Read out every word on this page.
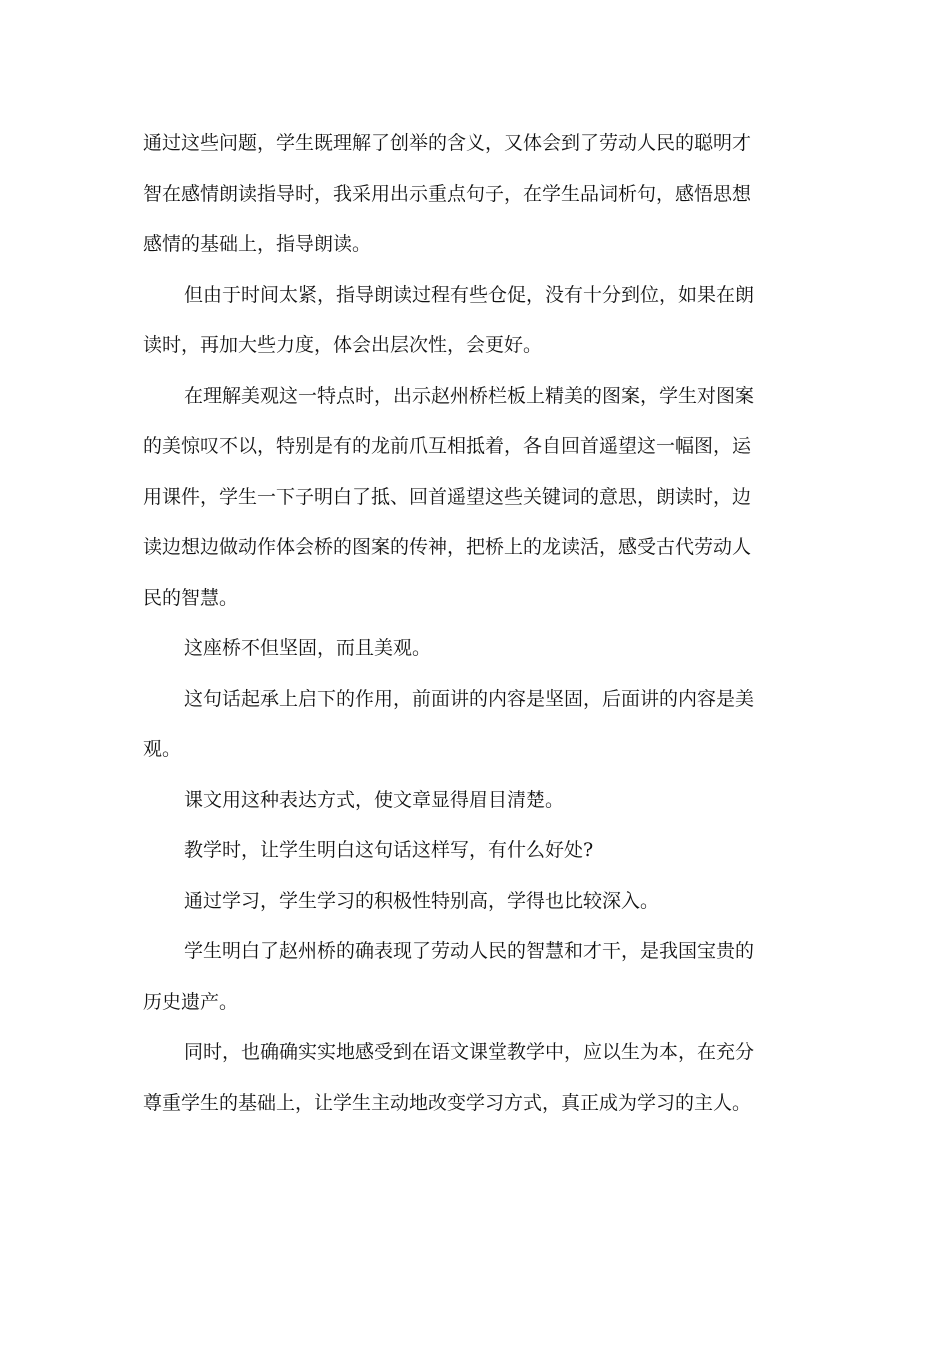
通过这些问题，学生既理解了创举的含义，又体会到了劳动人民的聪明才
智在感情朗读指导时，我采用出示重点句子，在学生品词析句，感悟思想
感情的基础上，指导朗读。
但由于时间太紧，指导朗读过程有些仓促，没有十分到位，如果在朗
读时，再加大些力度，体会出层次性，会更好。
在理解美观这一特点时，出示赵州桥栏板上精美的图案，学生对图案
的美惊叹不以，特别是有的龙前爪互相抵着，各自回首遥望这一幅图，运
用课件，学生一下子明白了抵、回首遥望这些关键词的意思，朗读时，边
读边想边做动作体会桥的图案的传神，把桥上的龙读活，感受古代劳动人
民的智慧。
这座桥不但坚固，而且美观。
这句话起承上启下的作用，前面讲的内容是坚固，后面讲的内容是美
观。
课文用这种表达方式，使文章显得眉目清楚。
教学时，让学生明白这句话这样写，有什么好处?
通过学习，学生学习的积极性特别高，学得也比较深入。
学生明白了赵州桥的确表现了劳动人民的智慧和才干，是我国宝贵的
历史遗产。
同时，也确确实实地感受到在语文课堂教学中，应以生为本，在充分
尊重学生的基础上，让学生主动地改变学习方式，真正成为学习的主人。
